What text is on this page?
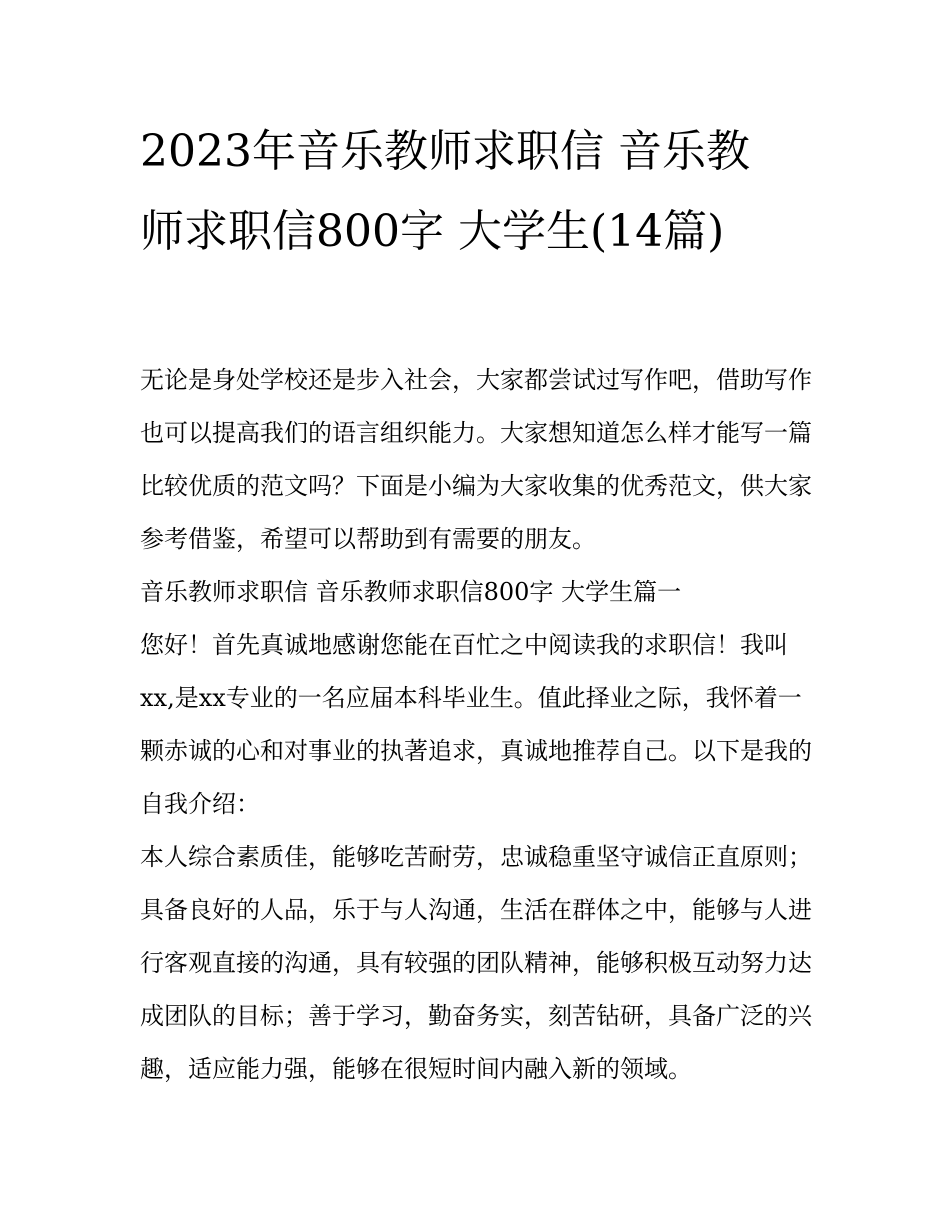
2023年音乐教师求职信 音乐教师求职信800字 大学生(14篇)

无论是身处学校还是步入社会，大家都尝试过写作吧，借助写作也可以提高我们的语言组织能力。大家想知道怎么样才能写一篇比较优质的范文吗？下面是小编为大家收集的优秀范文，供大家参考借鉴，希望可以帮助到有需要的朋友。

音乐教师求职信 音乐教师求职信800字 大学生篇一

您好！首先真诚地感谢您能在百忙之中阅读我的求职信！我叫xx,是xx专业的一名应届本科毕业生。值此择业之际，我怀着一颗赤诚的心和对事业的执著追求，真诚地推荐自己。以下是我的自我介绍：

本人综合素质佳，能够吃苦耐劳，忠诚稳重坚守诚信正直原则；具备良好的人品，乐于与人沟通，生活在群体之中，能够与人进行客观直接的沟通，具有较强的团队精神，能够积极互动努力达成团队的目标；善于学习，勤奋务实，刻苦钻研，具备广泛的兴趣，适应能力强，能够在很短时间内融入新的领域。
